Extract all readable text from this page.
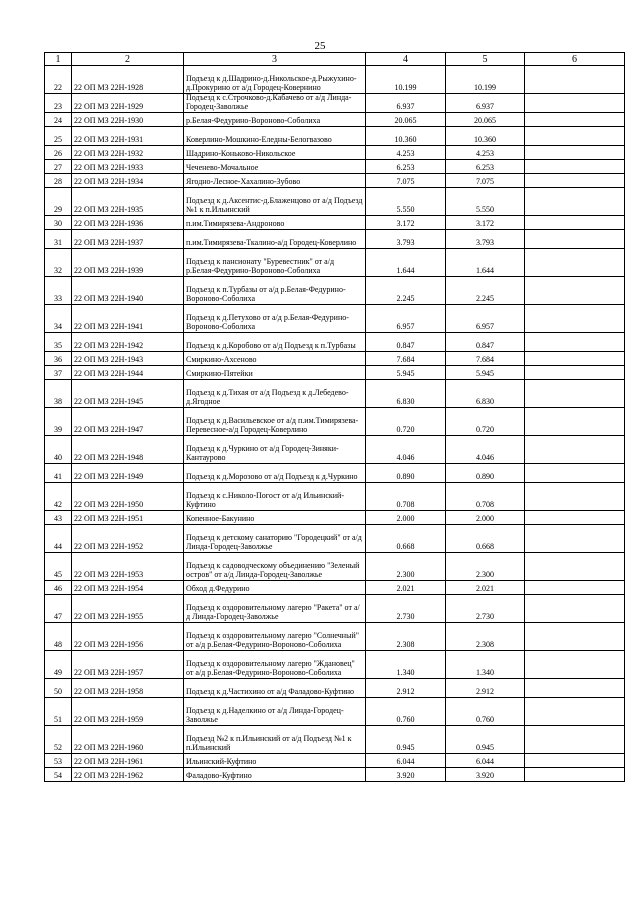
25
1	2	3	4	5	6
22	22 ОП МЗ 22Н-1928	Подъезд к д.Шадрино-д.Никольское-д.Рыжухино-д.Прокурино от а/д Городец-Ковернино	10.199	10.199	
23	22 ОП МЗ 22Н-1929	Подъезд к с.Строчково-д.Кабачево от а/д Линда-Городец-Заволжье	6.937	6.937	
24	22 ОП МЗ 22Н-1930	р.Белая-Федурино-Вороново-Соболиха	20.065	20.065	
25	22 ОП МЗ 22Н-1931	Коверлино-Мошкино-Еледны-Белогвазово	10.360	10.360	
26	22 ОП МЗ 22Н-1932	Шадрино-Коньково-Никольское	4.253	4.253	
27	22 ОП МЗ 22Н-1933	Чеченево-Мочальное	6.253	6.253	
28	22 ОП МЗ 22Н-1934	Ягодно-Лесное-Хахалино-Зубово	7.075	7.075	
29	22 ОП МЗ 22Н-1935	Подъезд к д.Аксентис-д.Блаженцово от а/д Подъезд №1 к п.Ильинский	5.550	5.550	
30	22 ОП МЗ 22Н-1936	п.им.Тимирязева-Андроново	3.172	3.172	
31	22 ОП МЗ 22Н-1937	п.им.Тимирязева-Ткалино-а/д Городец-Коверлино	3.793	3.793	
32	22 ОП МЗ 22Н-1939	Подъезд к пансионату "Буревестник" от а/д р.Белая-Федурино-Вороново-Соболиха	1.644	1.644	
33	22 ОП МЗ 22Н-1940	Подъезд к п.Турбазы от а/д р.Белая-Федурино-Вороново-Соболиха	2.245	2.245	
34	22 ОП МЗ 22Н-1941	Подъезд к д.Петухово от а/д р.Белая-Федурино-Вороново-Соболиха	6.957	6.957	
35	22 ОП МЗ 22Н-1942	Подъезд к д.Коробово от а/д Подъезд к п.Турбазы	0.847	0.847	
36	22 ОП МЗ 22Н-1943	Смиркино-Ахсеново	7.684	7.684	
37	22 ОП МЗ 22Н-1944	Смиркино-Пятейки	5.945	5.945	
38	22 ОП МЗ 22Н-1945	Подъезд к д.Тихая от а/д Подъезд к д.Лебедево-д.Ягодное	6.830	6.830	
39	22 ОП МЗ 22Н-1947	Подъезд к д.Васильевское от а/д п.им.Тимирязева-Перевесное-а/д Городец-Коверлино	0.720	0.720	
40	22 ОП МЗ 22Н-1948	Подъезд к д.Чуркино от а/д Городец-Зиняки-Кантаурово	4.046	4.046	
41	22 ОП МЗ 22Н-1949	Подъезд к д.Морозово от а/д Подъезд к д.Чуркино	0.890	0.890	
42	22 ОП МЗ 22Н-1950	Подъезд к с.Николо-Погост от а/д Ильинский-Куфтино	0.708	0.708	
43	22 ОП МЗ 22Н-1951	Копенное-Бакунино	2.000	2.000	
44	22 ОП МЗ 22Н-1952	Подъезд к детскому санаторию "Городецкий" от а/д Линда-Городец-Заволжье	0.668	0.668	
45	22 ОП МЗ 22Н-1953	Подъезд к садоводческому объединению "Зеленый остров" от а/д Линда-Городец-Заволжье	2.300	2.300	
46	22 ОП МЗ 22Н-1954	Обход д.Федурино	2.021	2.021	
47	22 ОП МЗ 22Н-1955	Подъезд к оздоровительному лагерю "Ракета" от а/д Линда-Городец-Заволжье	2.730	2.730	
48	22 ОП МЗ 22Н-1956	Подъезд к оздоровительному лагерю "Солнечный" от а/д р.Белая-Федурино-Вороново-Соболиха	2.308	2.308	
49	22 ОП МЗ 22Н-1957	Подъезд к оздоровительному лагерю "Ждановец" от а/д р.Белая-Федурино-Вороново-Соболиха	1.340	1.340	
50	22 ОП МЗ 22Н-1958	Подъезд к д.Частихино от а/д Фаладово-Куфтино	2.912	2.912	
51	22 ОП МЗ 22Н-1959	Подъезд к д.Наделкино от а/д Линда-Городец-Заволжье	0.760	0.760	
52	22 ОП МЗ 22Н-1960	Подъезд №2 к п.Ильинский от а/д Подъезд №1 к п.Ильинский	0.945	0.945	
53	22 ОП МЗ 22Н-1961	Ильинский-Куфтино	6.044	6.044	
54	22 ОП МЗ 22Н-1962	Фаладово-Куфтино	3.920	3.920	
